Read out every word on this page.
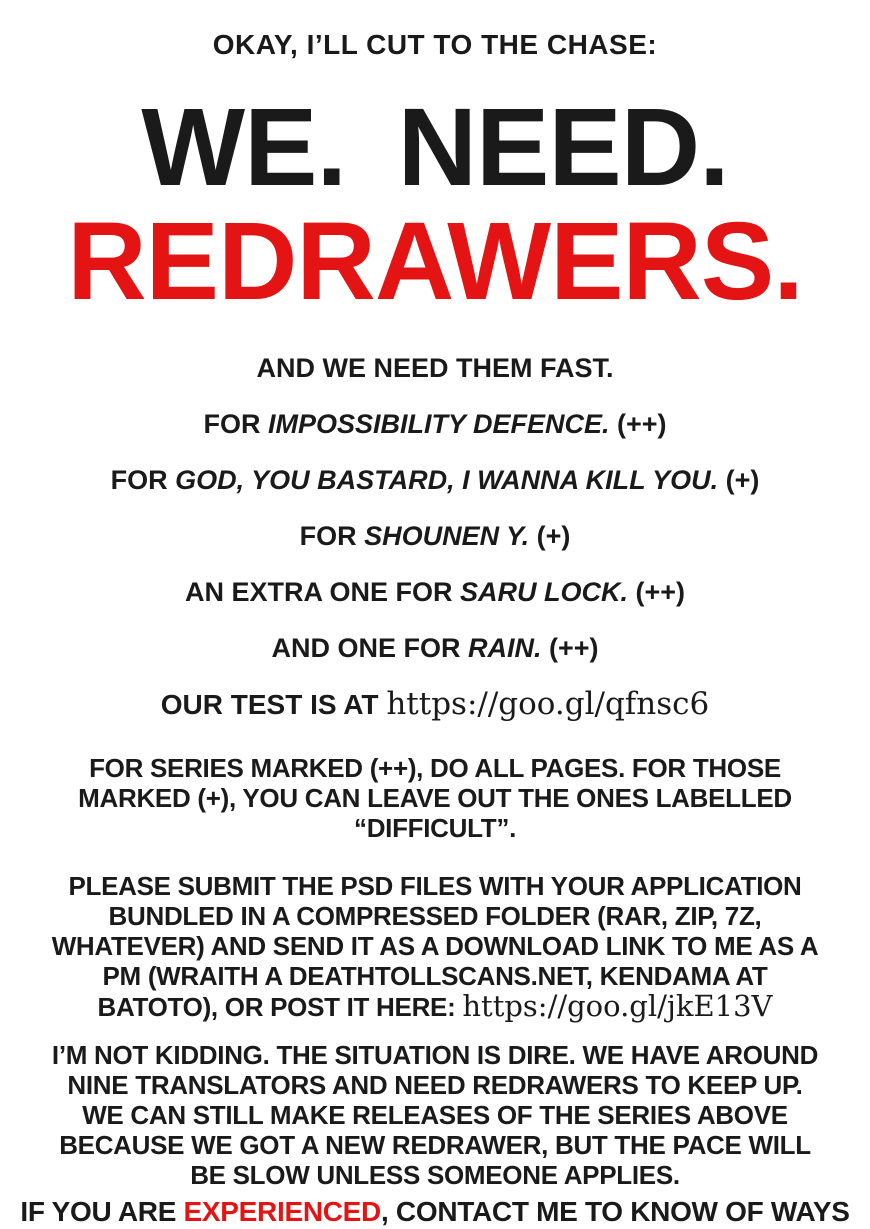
OKAY, I’LL CUT TO THE CHASE:
WE. NEED.
REDRAWERS.
AND WE NEED THEM FAST.
FOR IMPOSSIBILITY DEFENCE. (++)
FOR GOD, YOU BASTARD, I WANNA KILL YOU. (+)
FOR SHOUNEN Y. (+)
AN EXTRA ONE FOR SARU LOCK. (++)
AND ONE FOR RAIN. (++)
OUR TEST IS AT https://goo.gl/qfnsc6
FOR SERIES MARKED (++), DO ALL PAGES. FOR THOSE
MARKED (+), YOU CAN LEAVE OUT THE ONES LABELLED
“DIFFICULT”.
PLEASE SUBMIT THE PSD FILES WITH YOUR APPLICATION
BUNDLED IN A COMPRESSED FOLDER (RAR, ZIP, 7Z,
WHATEVER) AND SEND IT AS A DOWNLOAD LINK TO ME AS A
PM (WRAITH A DEATHTOLLSCANS.NET, KENDAMA AT
BATOTO), OR POST IT HERE: https://goo.gl/jkE13V
I’M NOT KIDDING. THE SITUATION IS DIRE. WE HAVE AROUND
NINE TRANSLATORS AND NEED REDRAWERS TO KEEP UP.
WE CAN STILL MAKE RELEASES OF THE SERIES ABOVE
BECAUSE WE GOT A NEW REDRAWER, BUT THE PACE WILL
BE SLOW UNLESS SOMEONE APPLIES.
IF YOU ARE EXPERIENCED, CONTACT ME TO KNOW OF WAYS
